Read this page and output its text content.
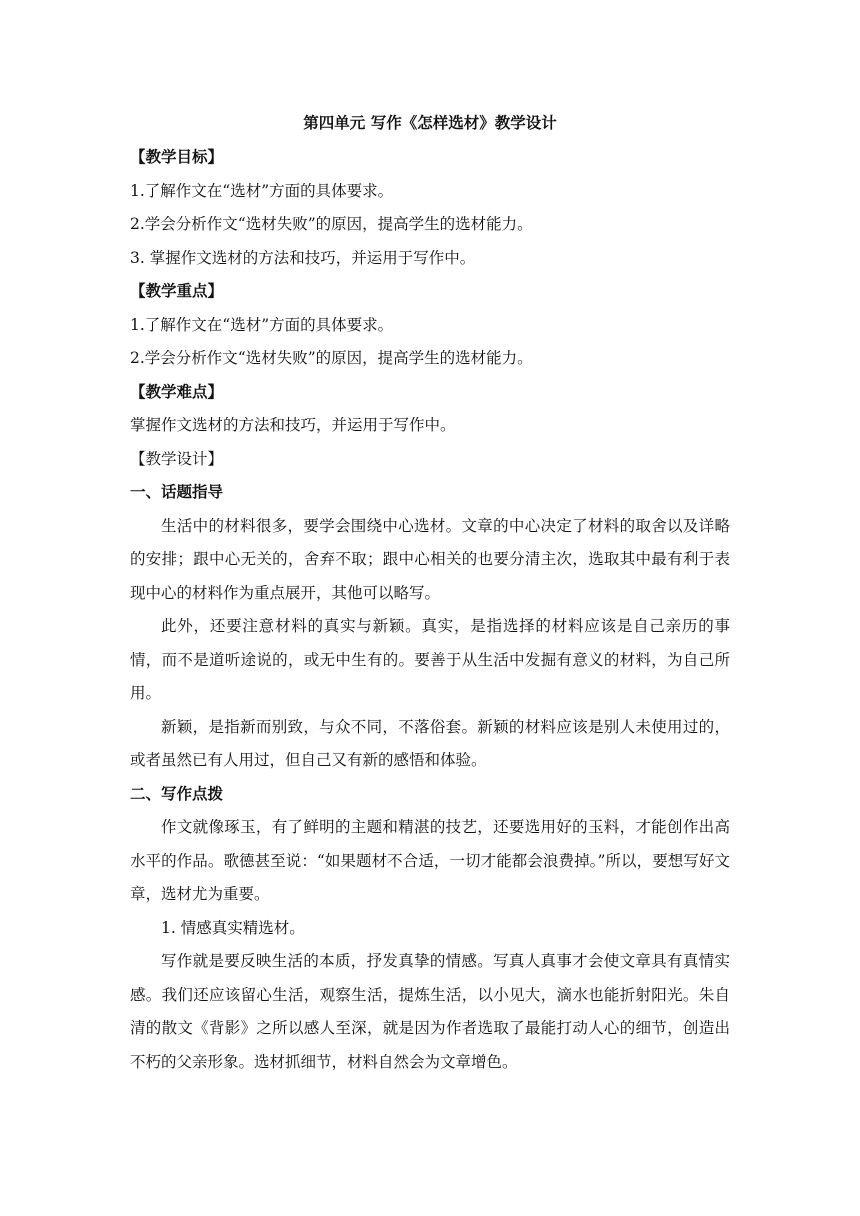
第四单元 写作《怎样选材》教学设计
【教学目标】
1.了解作文在“选材”方面的具体要求。
2.学会分析作文“选材失败”的原因，提高学生的选材能力。
3. 掌握作文选材的方法和技巧，并运用于写作中。
【教学重点】
1.了解作文在“选材”方面的具体要求。
2.学会分析作文“选材失败”的原因，提高学生的选材能力。
【教学难点】
掌握作文选材的方法和技巧，并运用于写作中。
【教学设计】
一、话题指导
生活中的材料很多，要学会围绕中心选材。文章的中心决定了材料的取舍以及详略的安排；跟中心无关的，舍弃不取；跟中心相关的也要分清主次，选取其中最有利于表现中心的材料作为重点展开，其他可以略写。
此外，还要注意材料的真实与新颖。真实，是指选择的材料应该是自己亲历的事情，而不是道听途说的，或无中生有的。要善于从生活中发掘有意义的材料，为自己所用。
新颖，是指新而别致，与众不同，不落俗套。新颖的材料应该是别人未使用过的，或者虽然已有人用过，但自己又有新的感悟和体验。
二、写作点拨
作文就像琢玉，有了鲜明的主题和精湛的技艺，还要选用好的玉料，才能创作出高水平的作品。歌德甚至说：“如果题材不合适，一切才能都会浪费掉。”所以，要想写好文章，选材尤为重要。
1. 情感真实精选材。
写作就是要反映生活的本质，抒发真挚的情感。写真人真事才会使文章具有真情实感。我们还应该留心生活，观察生活，提炼生活，以小见大，滴水也能折射阳光。朱自清的散文《背影》之所以感人至深，就是因为作者选取了最能打动人心的细节，创造出不朽的父亲形象。选材抓细节，材料自然会为文章增色。
